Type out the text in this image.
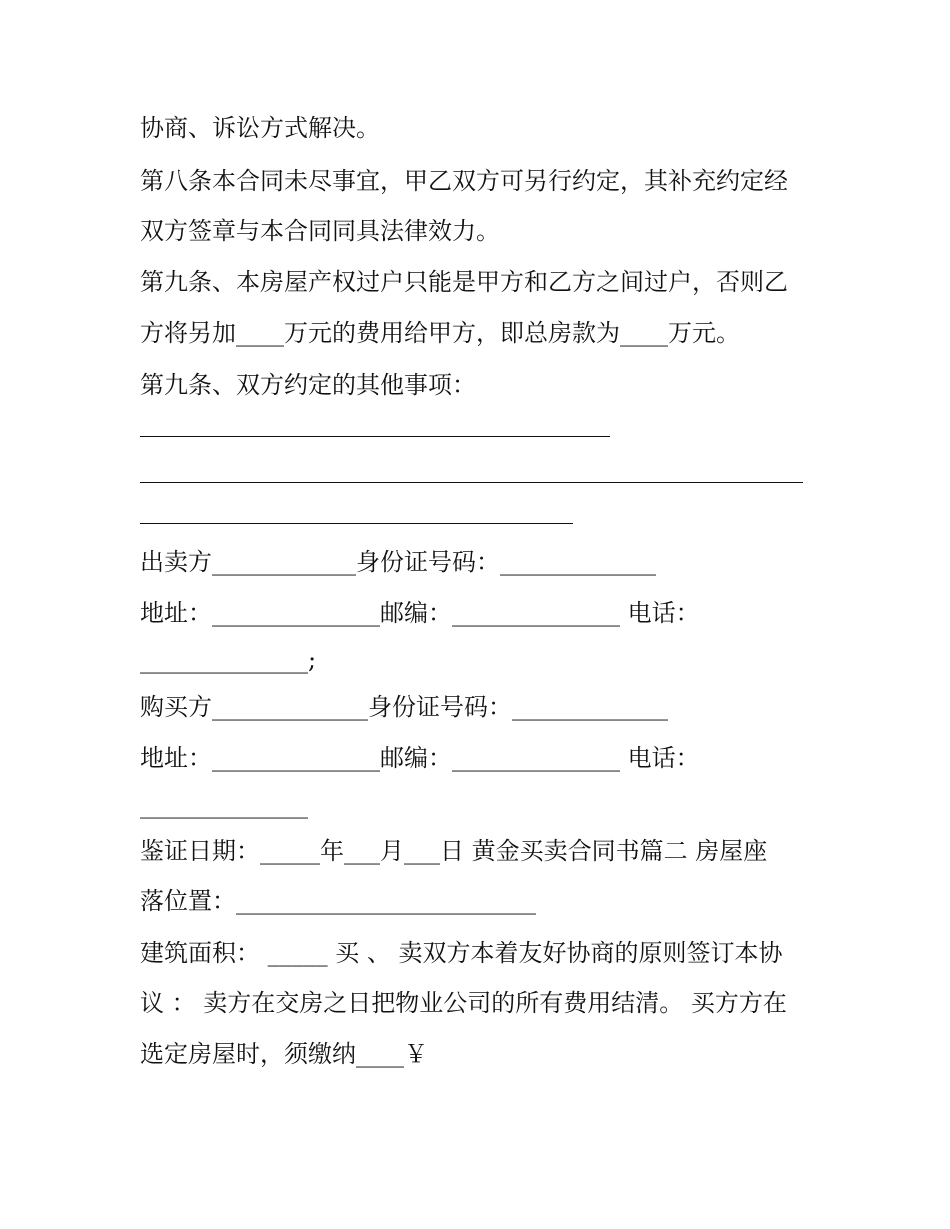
协商、诉讼方式解决。

第八条本合同未尽事宜，甲乙双方可另行约定，其补充约定经

双方签章与本合同同具法律效力。

第九条、本房屋产权过户只能是甲方和乙方之间过户，否则乙

方将另加____万元的费用给甲方，即总房款为____万元。

第九条、双方约定的其他事项：

出卖方____________身份证号码：_____________

地址：______________邮编：______________ 电话：

______________;

购买方_____________身份证号码：_____________

地址：______________邮编：______________ 电话：

______________

鉴证日期：_____年___月___日 黄金买卖合同书篇二 房屋座

落位置：_________________________

建筑面积： _____ 买 、 卖双方本着友好协商的原则签订本协

议 ： 卖方在交房之日把物业公司的所有费用结清。 买方方在

选定房屋时，须缴纳____￥
